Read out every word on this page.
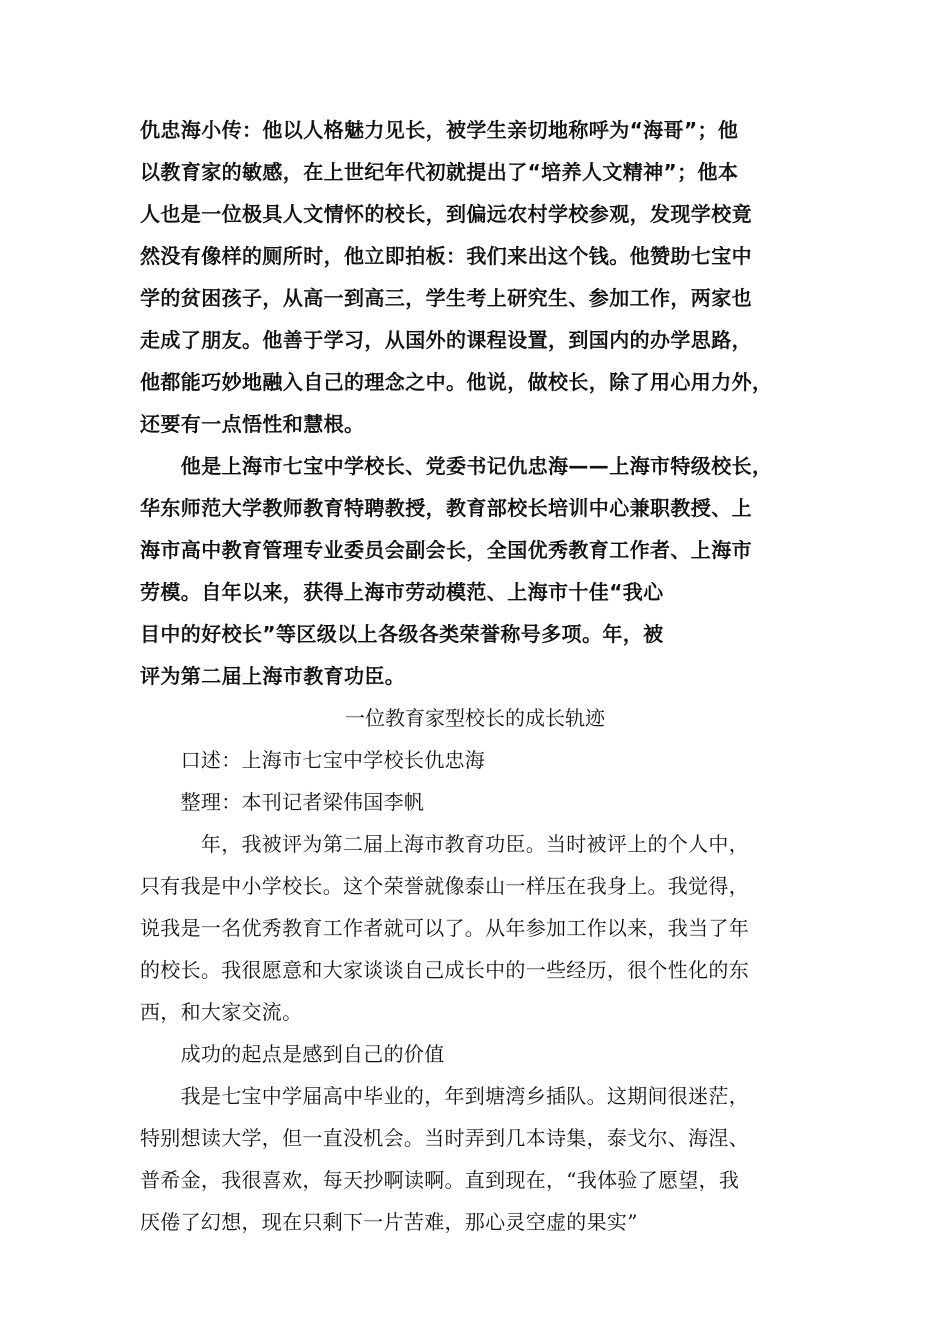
仇忠海小传：他以人格魅力见长，被学生亲切地称呼为“海哥”；他
以教育家的敏感，在上世纪年代初就提出了“培养人文精神”；他本
人也是一位极具人文情怀的校长，到偏远农村学校参观，发现学校竟
然没有像样的厕所时，他立即拍板：我们来出这个钱。他赞助七宝中
学的贫困孩子，从高一到高三，学生考上研究生、参加工作，两家也
走成了朋友。他善于学习，从国外的课程设置，到国内的办学思路，
他都能巧妙地融入自己的理念之中。他说，做校长，除了用心用力外，
还要有一点悟性和慧根。
　　他是上海市七宝中学校长、党委书记仇忠海——上海市特级校长，
华东师范大学教师教育特聘教授，教育部校长培训中心兼职教授、上
海市高中教育管理专业委员会副会长，全国优秀教育工作者、上海市
劳模。自年以来，获得上海市劳动模范、上海市十佳“我心
目中的好校长”等区级以上各级各类荣誉称号多项。年，被
评为第二届上海市教育功臣。
一位教育家型校长的成长轨迹
　　口述：上海市七宝中学校长仇忠海
　　整理：本刊记者梁伟国李帆
　　　年，我被评为第二届上海市教育功臣。当时被评上的个人中，
只有我是中小学校长。这个荣誉就像泰山一样压在我身上。我觉得，
说我是一名优秀教育工作者就可以了。从年参加工作以来，我当了年
的校长。我很愿意和大家谈谈自己成长中的一些经历，很个性化的东
西，和大家交流。
　　成功的起点是感到自己的价值
　　我是七宝中学届高中毕业的，年到塘湾乡插队。这期间很迷茫，
特别想读大学，但一直没机会。当时弄到几本诗集，泰戈尔、海涅、
普希金，我很喜欢，每天抄啊读啊。直到现在，“我体验了愿望，我
厌倦了幻想，现在只剩下一片苦难，那心灵空虚的果实”
